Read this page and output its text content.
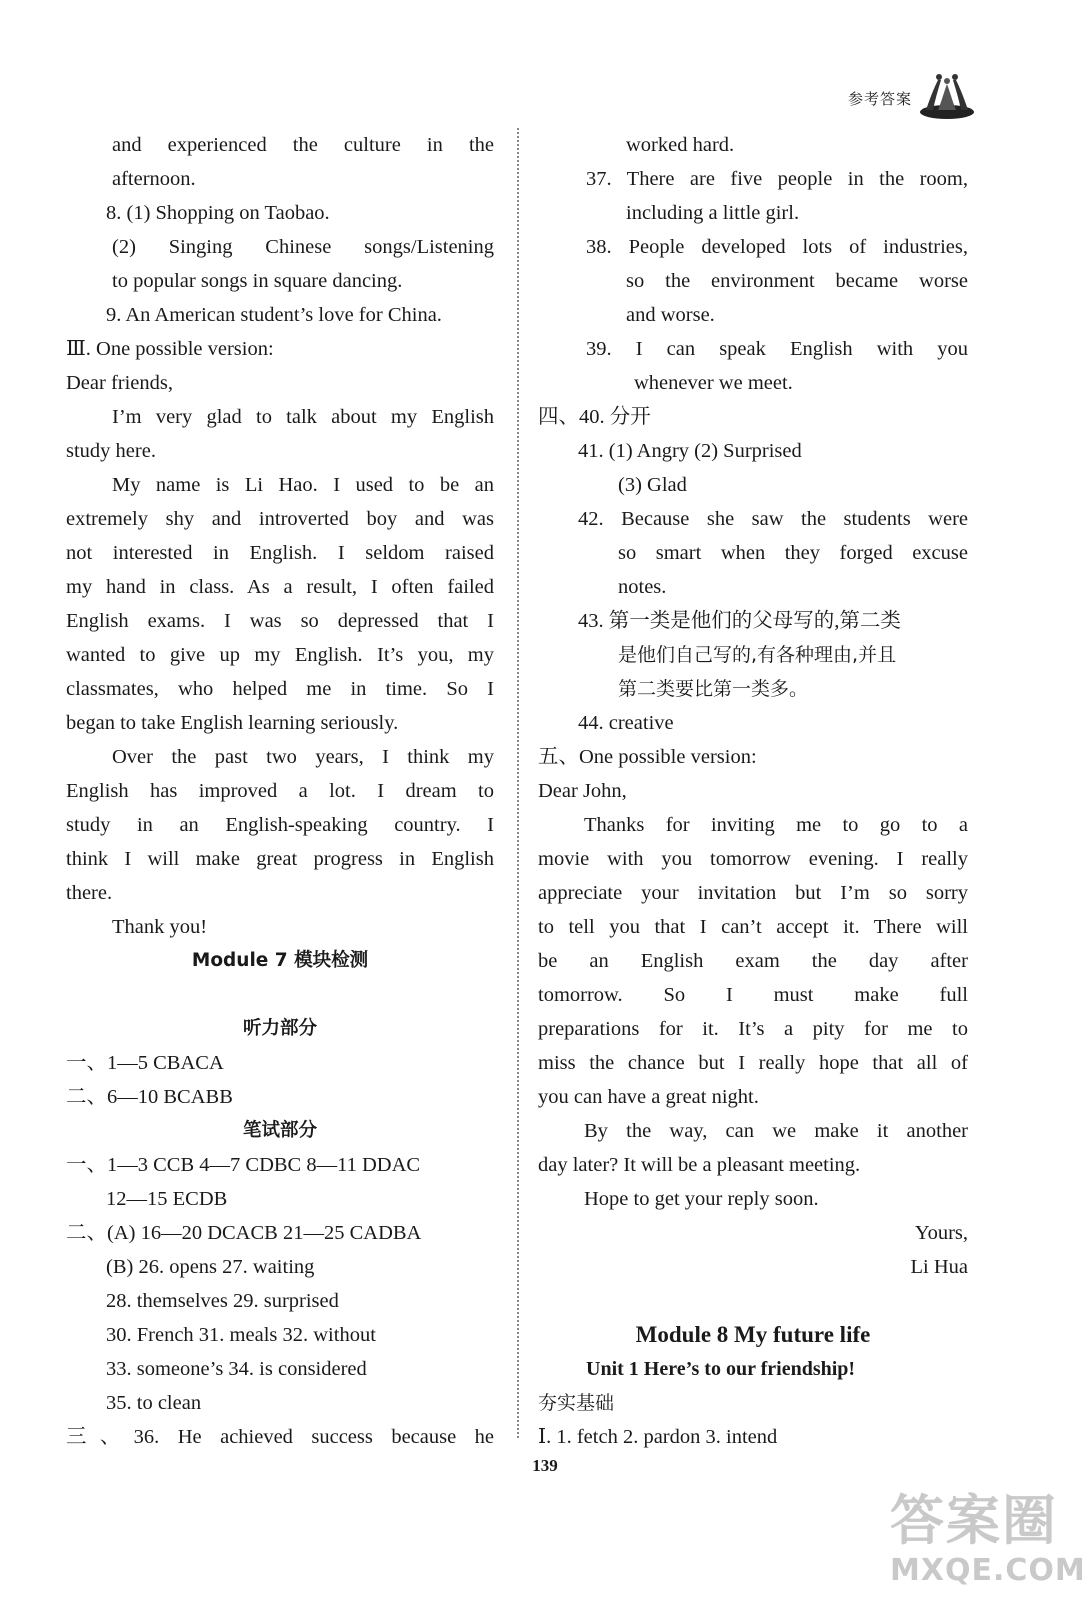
参考答案
and experienced the culture in the
afternoon.
8. (1) Shopping on Taobao.
(2) Singing Chinese songs/Listening
to popular songs in square dancing.
9. An American student’s love for China.
Ⅲ. One possible version:
Dear friends,
I’m very glad to talk about my English
study here.
My name is Li Hao. I used to be an
extremely shy and introverted boy and was
not interested in English. I seldom raised
my hand in class. As a result, I often failed
English exams. I was so depressed that I
wanted to give up my English. It’s you, my
classmates, who helped me in time. So I
began to take English learning seriously.
Over the past two years, I think my
English has improved a lot. I dream to
study in an English-speaking country. I
think I will make great progress in English
there.
Thank you!
Module 7 模块检测
听力部分
一、1—5 CBACA
二、6—10 BCABB
笔试部分
一、1—3 CCB 4—7 CDBC 8—11 DDAC
12—15 ECDB
二、(A) 16—20 DCACB 21—25 CADBA
(B) 26. opens 27. waiting
28. themselves 29. surprised
30. French 31. meals 32. without
33. someone’s 34. is considered
35. to clean
三、36. He achieved success because he
worked hard.
37. There are five people in the room,
including a little girl.
38. People developed lots of industries,
so the environment became worse
and worse.
39. I can speak English with you
whenever we meet.
四、40. 分开
41. (1) Angry (2) Surprised
(3) Glad
42. Because she saw the students were
so smart when they forged excuse
notes.
43. 第一类是他们的父母写的,第二类
是他们自己写的,有各种理由,并且
第二类要比第一类多。
44. creative
五、One possible version:
Dear John,
Thanks for inviting me to go to a
movie with you tomorrow evening. I really
appreciate your invitation but I’m so sorry
to tell you that I can’t accept it. There will
be an English exam the day after
tomorrow. So I must make full
preparations for it. It’s a pity for me to
miss the chance but I really hope that all of
you can have a great night.
By the way, can we make it another
day later? It will be a pleasant meeting.
Hope to get your reply soon.
Yours,
Li Hua
Module 8 My future life
Unit 1 Here’s to our friendship!
夯实基础
Ⅰ. 1. fetch 2. pardon 3. intend
139
答案圈
MXQE.COM
